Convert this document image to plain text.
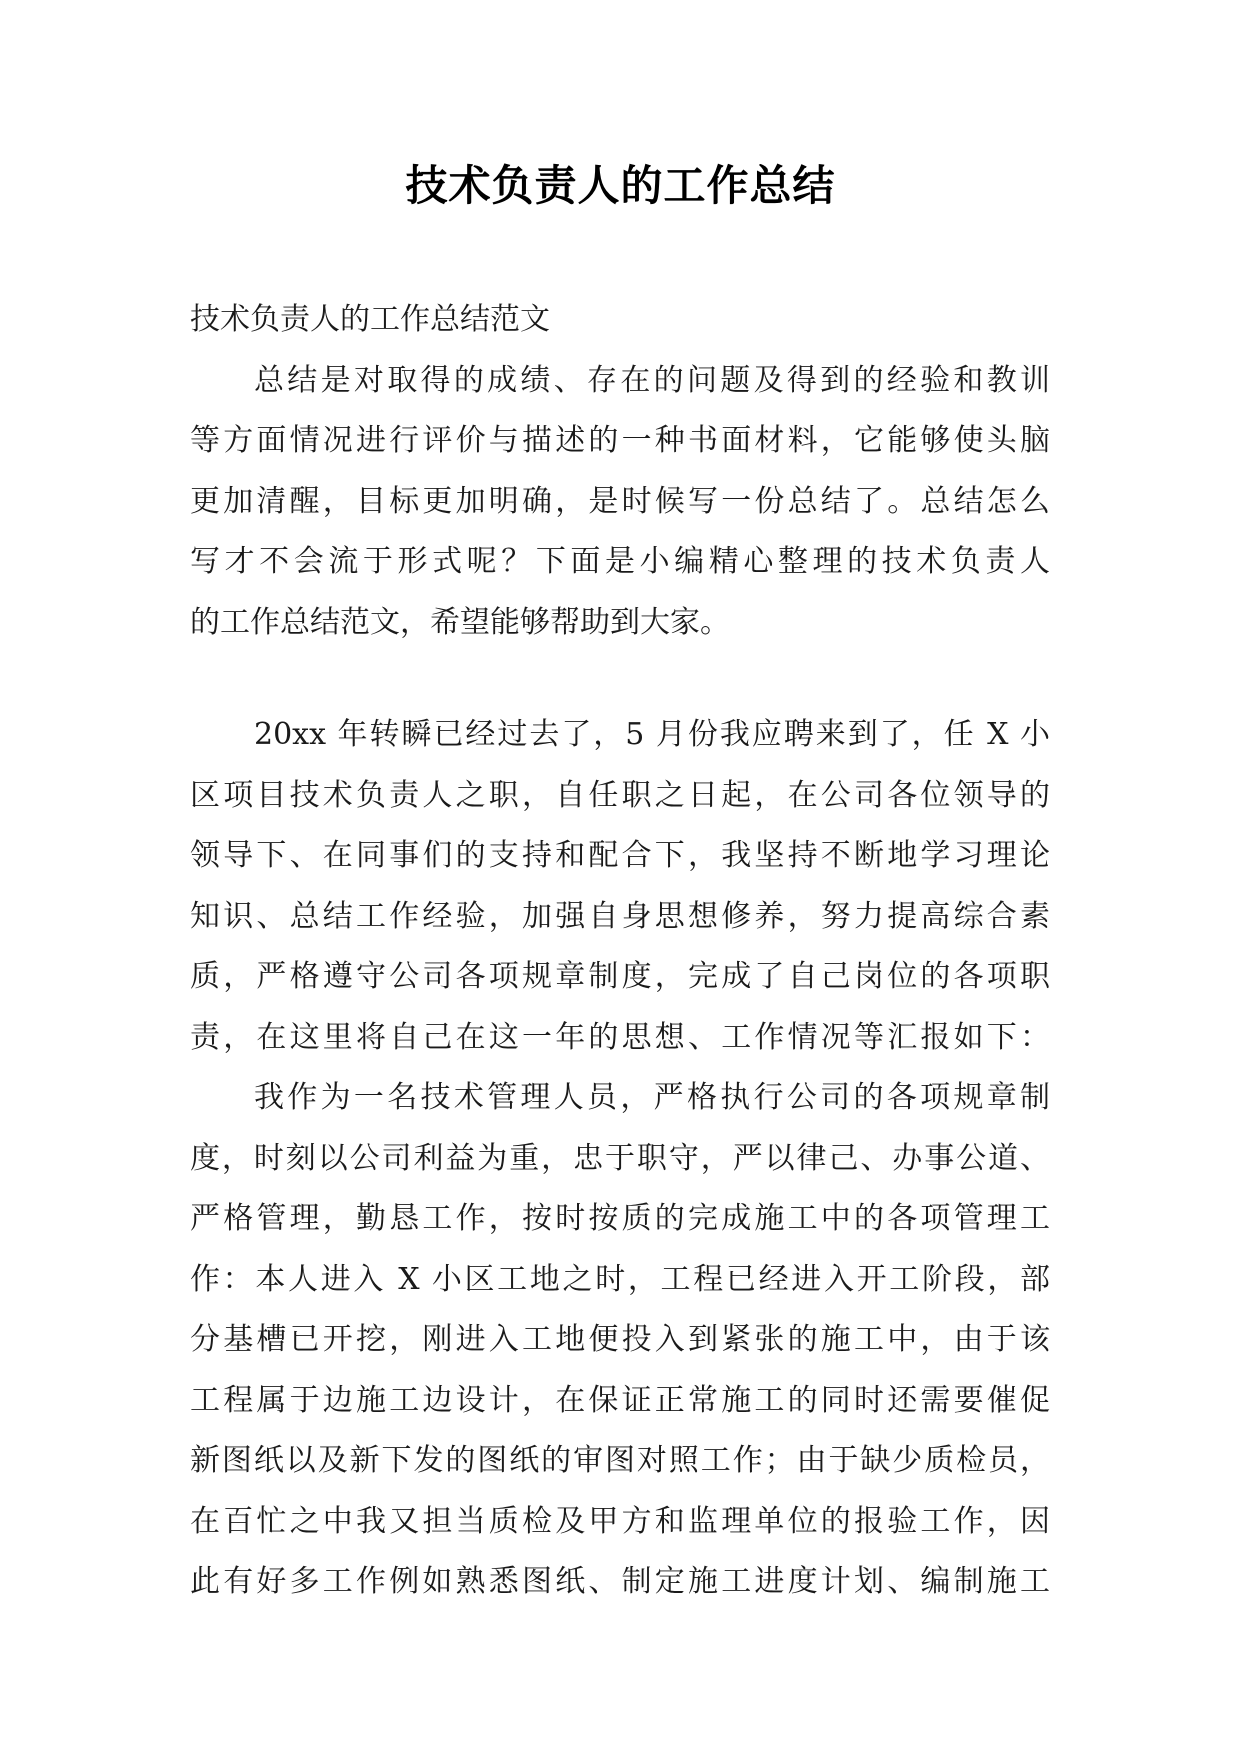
技术负责人的工作总结
技术负责人的工作总结范文
总结是对取得的成绩、存在的问题及得到的经验和教训
等方面情况进行评价与描述的一种书面材料，它能够使头脑
更加清醒，目标更加明确，是时候写一份总结了。总结怎么
写才不会流于形式呢？下面是小编精心整理的技术负责人
的工作总结范文，希望能够帮助到大家。
20xx 年转瞬已经过去了，5 月份我应聘来到了，任 X 小
区项目技术负责人之职，自任职之日起，在公司各位领导的
领导下、在同事们的支持和配合下，我坚持不断地学习理论
知识、总结工作经验，加强自身思想修养，努力提高综合素
质，严格遵守公司各项规章制度，完成了自己岗位的各项职
责，在这里将自己在这一年的思想、工作情况等汇报如下：
我作为一名技术管理人员，严格执行公司的各项规章制
度，时刻以公司利益为重，忠于职守，严以律己、办事公道、
严格管理，勤恳工作，按时按质的完成施工中的各项管理工
作：本人进入 X 小区工地之时，工程已经进入开工阶段，部
分基槽已开挖，刚进入工地便投入到紧张的施工中，由于该
工程属于边施工边设计，在保证正常施工的同时还需要催促
新图纸以及新下发的图纸的审图对照工作；由于缺少质检员，
在百忙之中我又担当质检及甲方和监理单位的报验工作，因
此有好多工作例如熟悉图纸、制定施工进度计划、编制施工
